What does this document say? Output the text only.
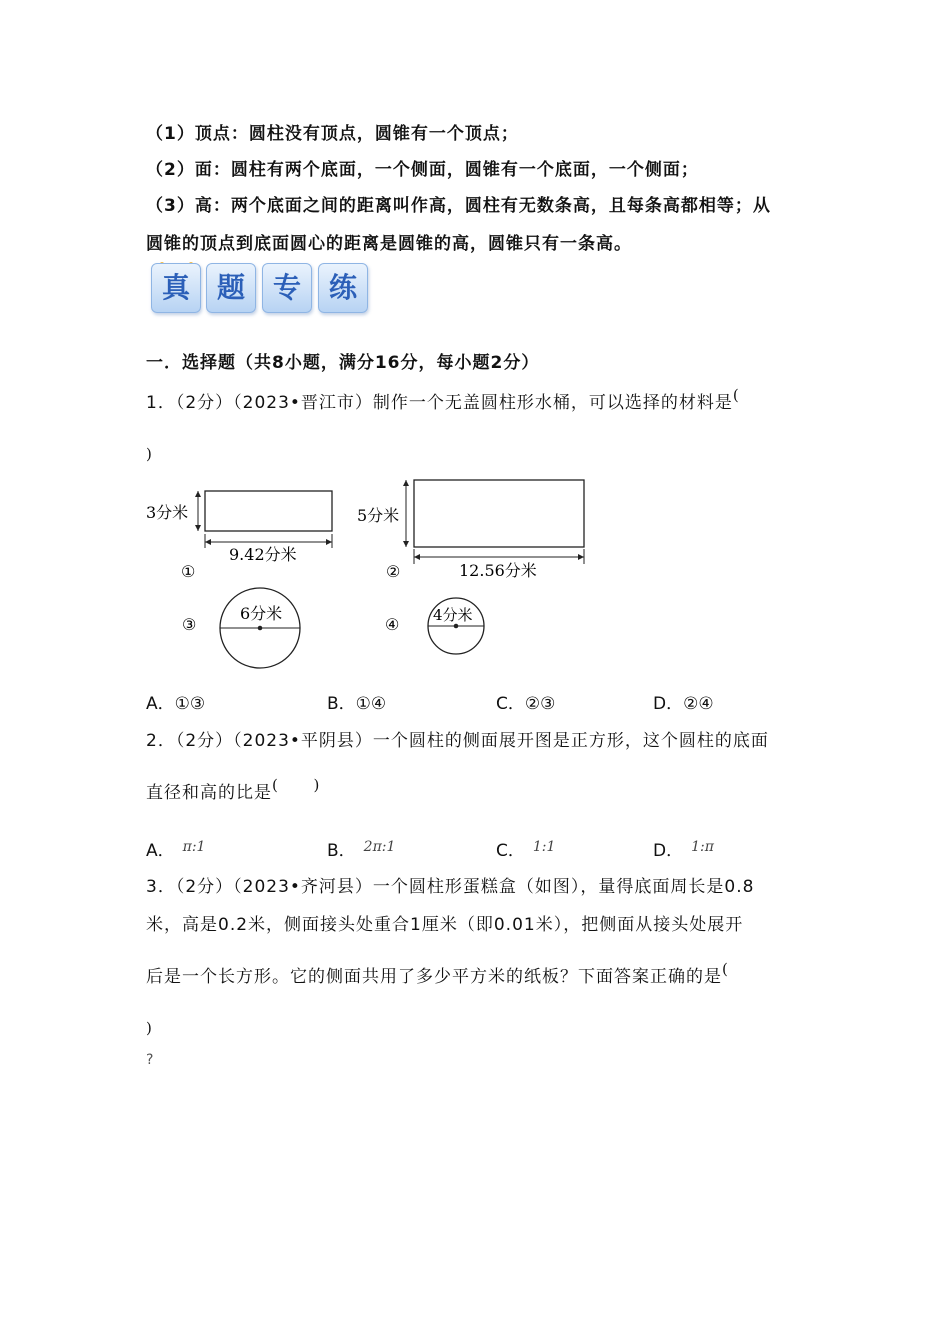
（1）顶点：圆柱没有顶点，圆锥有一个顶点；
（2）面：圆柱有两个底面，一个侧面，圆锥有一个底面，一个侧面；
（3）高：两个底面之间的距离叫作高，圆柱有无数条高，且每条高都相等；从
圆锥的顶点到底面圆心的距离是圆锥的高，圆锥只有一条高。
真 题 专 练
一．选择题（共8小题，满分16分，每小题2分）
1．（2分）（2023•晋江市）制作一个无盖圆柱形水桶，可以选择的材料是(
)
3分米
9.42分米
①
5分米
12.56分米
②
6分米
③	4分米
④
A．①③	B．①④	C．②③	D．②④
2．（2分）（2023•平阴县）一个圆柱的侧面展开图是正方形，这个圆柱的底面
直径和高的比是(      )
A． $^{\pi:1}$	B． $^{2\pi:1}$	C． $^{1:1}$	D． $^{1:\pi}$
3．（2分）（2023•齐河县）一个圆柱形蛋糕盒（如图），量得底面周长是0.8
米，高是0.2米，侧面接头处重合1厘米（即0.01米），把侧面从接头处展开
后是一个长方形。它的侧面共用了多少平方米的纸板？下面答案正确的是(
)
?
